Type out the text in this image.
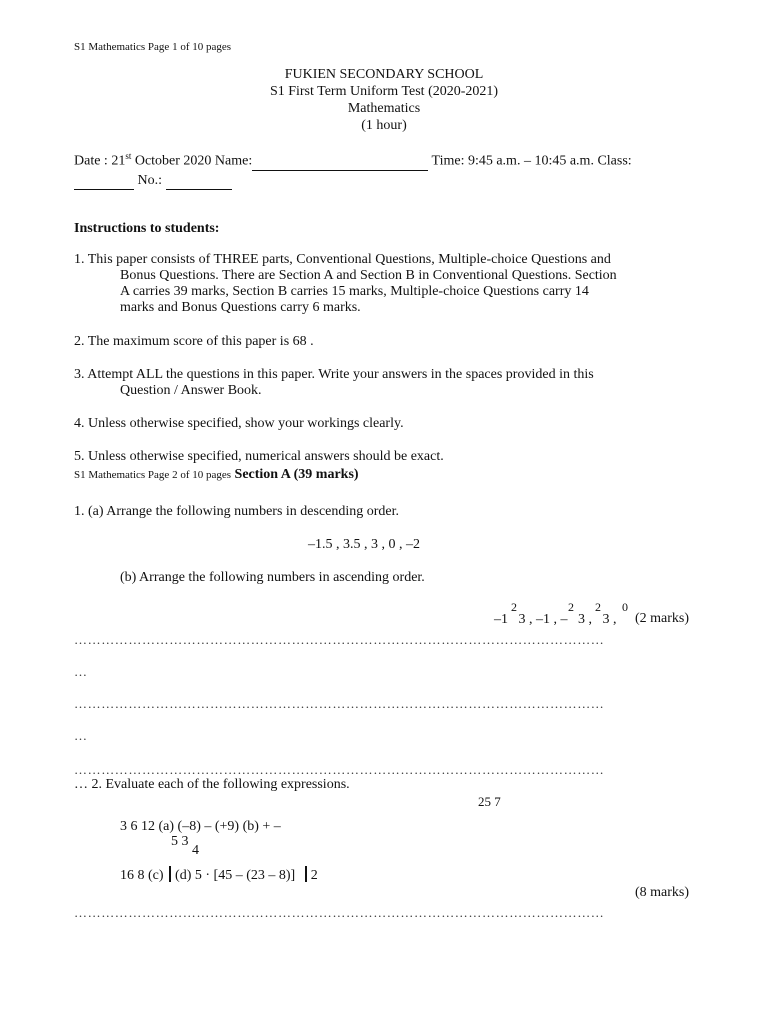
S1 Mathematics Page 1 of 10 pages
FUKIEN SECONDARY SCHOOL
S1 First Term Uniform Test (2020-2021)
Mathematics
(1 hour)
Date : 21st October 2020 Name:	Time: 9:45 a.m. – 10:45 a.m. Class:
No.:
Instructions to students:
1. This paper consists of THREE parts, Conventional Questions, Multiple-choice Questions and
Bonus Questions. There are Section A and Section B in Conventional Questions. Section
A carries 39 marks, Section B carries 15 marks, Multiple-choice Questions carry 14
marks and Bonus Questions carry 6 marks.
2. The maximum score of this paper is 68 .
3. Attempt ALL the questions in this paper. Write your answers in the spaces provided in this
Question / Answer Book.
4. Unless otherwise specified, show your workings clearly.
5. Unless otherwise specified, numerical answers should be exact.
S1 Mathematics Page 2 of 10 pages Section A (39 marks)
1. (a) Arrange the following numbers in descending order.
–1.5 , 3.5 , 3 , 0 , –2
(b) Arrange the following numbers in ascending order.
2                 2       2       0
–1   3 , –1 , –   3 ,   3 , (2 marks)
………………………………………………………………………………………………………
…
………………………………………………………………………………………………………
…
………………………………………………………………………………………………………
… 2. Evaluate each of the following expressions.
25 7
3 6 12 (a) (–8) – (+9) (b) + –
5 3
4
16 8 (c) (d) 5 · [45 – (23 – 8)] 2
(8 marks)
………………………………………………………………………………………………………
